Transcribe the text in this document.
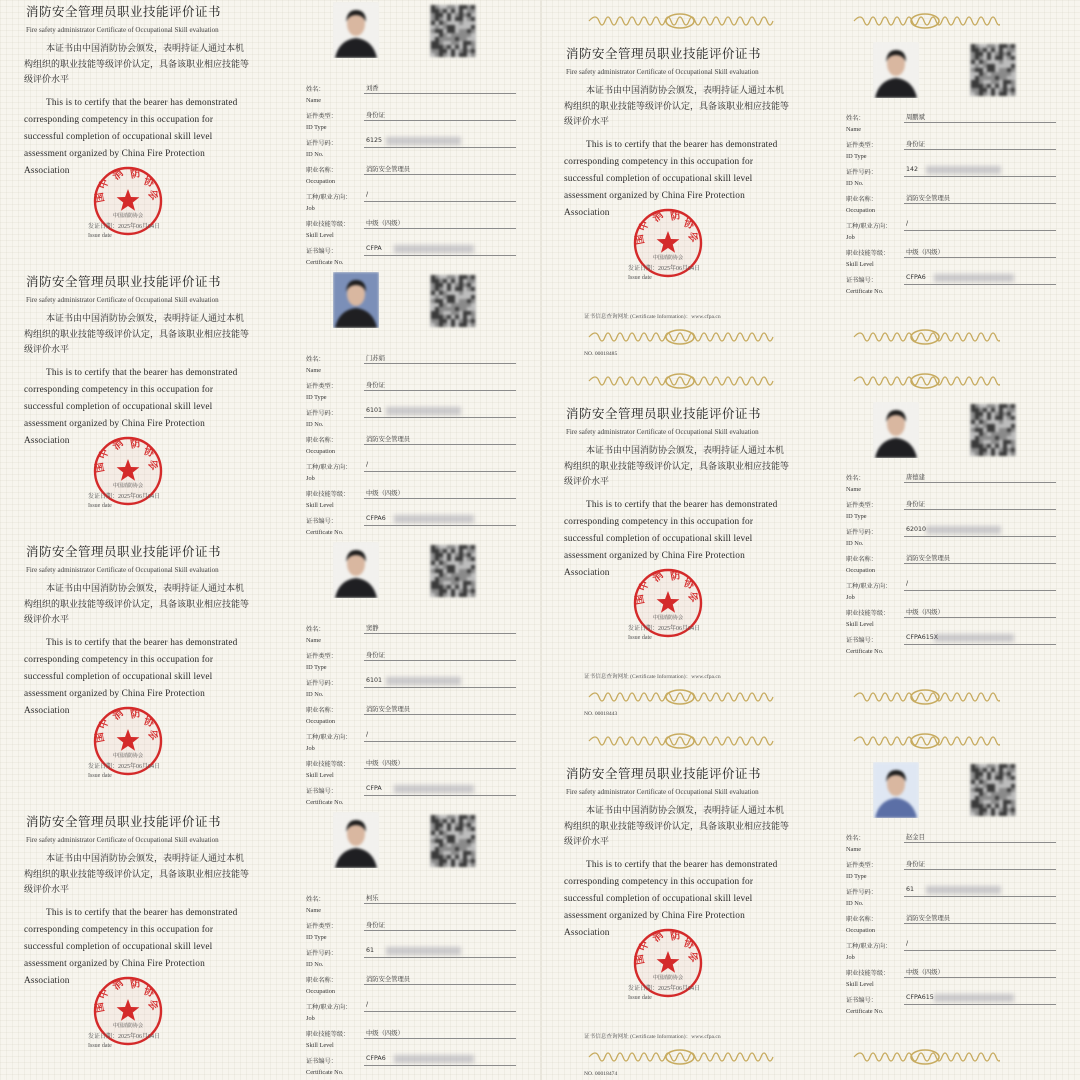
消防安全管理员职业技能评价证书
Fire safety administrator Certificate of Occupational Skill evaluation
本证书由中国消防协会颁发，表明持证人通过本机构组织的职业技能等级评价认定，具备该职业相应技能等级评价水平
This is to certify that the bearer has demonstrated corresponding competency in this occupation for successful completion of occupational skill level assessment organized by China Fire Protection Association	消 防
协
会
中
国
中国消防协会
发证日期：2025年06月04日
Issue date
姓名：	刘香
Name
证件类型：	身份证
ID Type
证件号码：	6125
ID No.
职业名称：	消防安全管理员
Occupation
工种/职业方向： /
Job
职业技能等级：	中级（四级）
Skill Level
证书编号：	CFPA
Certificate No.
消防安全管理员职业技能评价证书
Fire safety administrator Certificate of Occupational Skill evaluation
本证书由中国消防协会颁发，表明持证人通过本机构组织的职业技能等级评价认定，具备该职业相应技能等级评价水平
This is to certify that the bearer has demonstrated corresponding competency in this occupation for successful completion of occupational skill level assessment organized by China Fire Protection Association	消 防
协
会
中
国
中国消防协会
发证日期：2025年06月04日
Issue date
姓名：	门苏娟
Name
证件类型：	身份证
ID Type
证件号码：	6101
ID No.
职业名称：	消防安全管理员
Occupation
工种/职业方向： /
Job
职业技能等级：	中级（四级）
Skill Level
证书编号：	CFPA6
Certificate No.
消防安全管理员职业技能评价证书
Fire safety administrator Certificate of Occupational Skill evaluation
本证书由中国消防协会颁发，表明持证人通过本机构组织的职业技能等级评价认定，具备该职业相应技能等级评价水平
This is to certify that the bearer has demonstrated corresponding competency in this occupation for successful completion of occupational skill level assessment organized by China Fire Protection Association	消 防
协
会
中
国
中国消防协会
发证日期：2025年06月04日
Issue date
姓名：	窦静
Name
证件类型：	身份证
ID Type
证件号码：	6101
ID No.
职业名称：	消防安全管理员
Occupation
工种/职业方向： /
Job
职业技能等级：	中级（四级）
Skill Level
证书编号：	CFPA
Certificate No.
消防安全管理员职业技能评价证书
Fire safety administrator Certificate of Occupational Skill evaluation
本证书由中国消防协会颁发，表明持证人通过本机构组织的职业技能等级评价认定，具备该职业相应技能等级评价水平
This is to certify that the bearer has demonstrated corresponding competency in this occupation for successful completion of occupational skill level assessment organized by China Fire Protection Association	消 防
协
会
中
国
中国消防协会
发证日期：2025年06月04日
Issue date
姓名：	柯乐
Name
证件类型：	身份证
ID Type
证件号码：	61
ID No.
职业名称：	消防安全管理员
Occupation
工种/职业方向： /
Job
职业技能等级：	中级（四级）
Skill Level
证书编号：	CFPA6
Certificate No.
消防安全管理员职业技能评价证书
Fire safety administrator Certificate of Occupational Skill evaluation
本证书由中国消防协会颁发，表明持证人通过本机构组织的职业技能等级评价认定，具备该职业相应技能等级评价水平
This is to certify that the bearer has demonstrated corresponding competency in this occupation for successful completion of occupational skill level assessment organized by China Fire Protection Association	消 防
协
会
中
国
中国消防协会
发证日期：2025年06月04日
Issue date
姓名：	周鹏斌
Name
证件类型：	身份证
ID Type
证件号码：	142
ID No.
职业名称：	消防安全管理员
Occupation
工种/职业方向： /
Job
职业技能等级：	中级（四级）
Skill Level
证书编号：	CFPA6
Certificate No.
证书信息查询网址 (Certificate Information)：www.cfpa.cn
NO. 00018485
消防安全管理员职业技能评价证书
Fire safety administrator Certificate of Occupational Skill evaluation
本证书由中国消防协会颁发，表明持证人通过本机构组织的职业技能等级评价认定，具备该职业相应技能等级评价水平
This is to certify that the bearer has demonstrated corresponding competency in this occupation for successful completion of occupational skill level assessment organized by China Fire Protection Association	消 防
协
会
中
国
中国消防协会
发证日期：2025年06月04日
Issue date
姓名：	唐德建
Name
证件类型：	身份证
ID Type
证件号码：	62010
ID No.
职业名称：	消防安全管理员
Occupation
工种/职业方向： /
Job
职业技能等级：	中级（四级）
Skill Level
证书编号：	CFPA615X
Certificate No.
证书信息查询网址 (Certificate Information)：www.cfpa.cn
NO. 00018443
消防安全管理员职业技能评价证书
Fire safety administrator Certificate of Occupational Skill evaluation
本证书由中国消防协会颁发，表明持证人通过本机构组织的职业技能等级评价认定，具备该职业相应技能等级评价水平
This is to certify that the bearer has demonstrated corresponding competency in this occupation for successful completion of occupational skill level assessment organized by China Fire Protection Association	消 防
协
会
中
国
中国消防协会
发证日期：2025年06月04日
Issue date
姓名：	赵金目
Name
证件类型：	身份证
ID Type
证件号码：	61
ID No.
职业名称：	消防安全管理员
Occupation
工种/职业方向： /
Job
职业技能等级：	中级（四级）
Skill Level
证书编号：	CFPA615
Certificate No.
证书信息查询网址 (Certificate Information)：www.cfpa.cn
NO. 00018474
